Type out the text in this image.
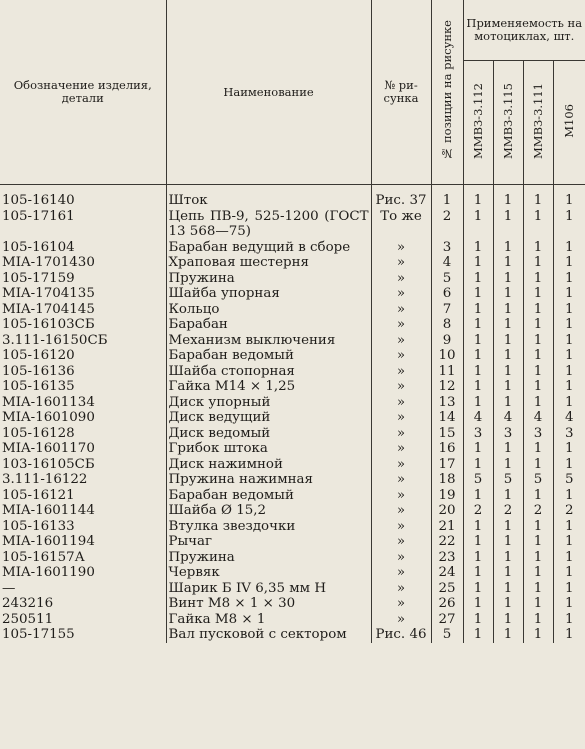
Обозначение изделия, детали	Наименование	№ ри-сунка	№ позиции на рисунке	Применяемость на мотоциклах, шт.			
				ММВЗ-3.112	ММВЗ-3.115	ММВЗ-3.111	М106
105-16140	Шток	Рис. 37	1	1	1	1	1
105-17161	Цепь ПВ-9, 525-1200 (ГОСТ 13 568—75)	То же	2	1	1	1	1
105-16104	Барабан ведущий в сборе	»	3	1	1	1	1
MIA-1701430	Храповая шестерня	»	4	1	1	1	1
105-17159	Пружина	»	5	1	1	1	1
MIA-1704135	Шайба упорная	»	6	1	1	1	1
MIA-1704145	Кольцо	»	7	1	1	1	1
105-16103СБ	Барабан	»	8	1	1	1	1
3.111-16150СБ	Механизм выключения	»	9	1	1	1	1
105-16120	Барабан ведомый	»	10	1	1	1	1
105-16136	Шайба стопорная	»	11	1	1	1	1
105-16135	Гайка М14 × 1,25	»	12	1	1	1	1
MIA-1601134	Диск упорный	»	13	1	1	1	1
MIA-1601090	Диск ведущий	»	14	4	4	4	4
105-16128	Диск ведомый	»	15	3	3	3	3
MIA-1601170	Грибок штока	»	16	1	1	1	1
103-16105СБ	Диск нажимной	»	17	1	1	1	1
3.111-16122	Пружина нажимная	»	18	5	5	5	5
105-16121	Барабан ведомый	»	19	1	1	1	1
MIA-1601144	Шайба Ø 15,2	»	20	2	2	2	2
105-16133	Втулка звездочки	»	21	1	1	1	1
MIA-1601194	Рычаг	»	22	1	1	1	1
105-16157А	Пружина	»	23	1	1	1	1
MIA-1601190	Червяк	»	24	1	1	1	1
—	Шарик Б IV 6,35 мм Н	»	25	1	1	1	1
243216	Винт М8 × 1 × 30	»	26	1	1	1	1
250511	Гайка М8 × 1	»	27	1	1	1	1
105-17155	Вал пусковой с сектором	Рис. 46	5	1	1	1	1
